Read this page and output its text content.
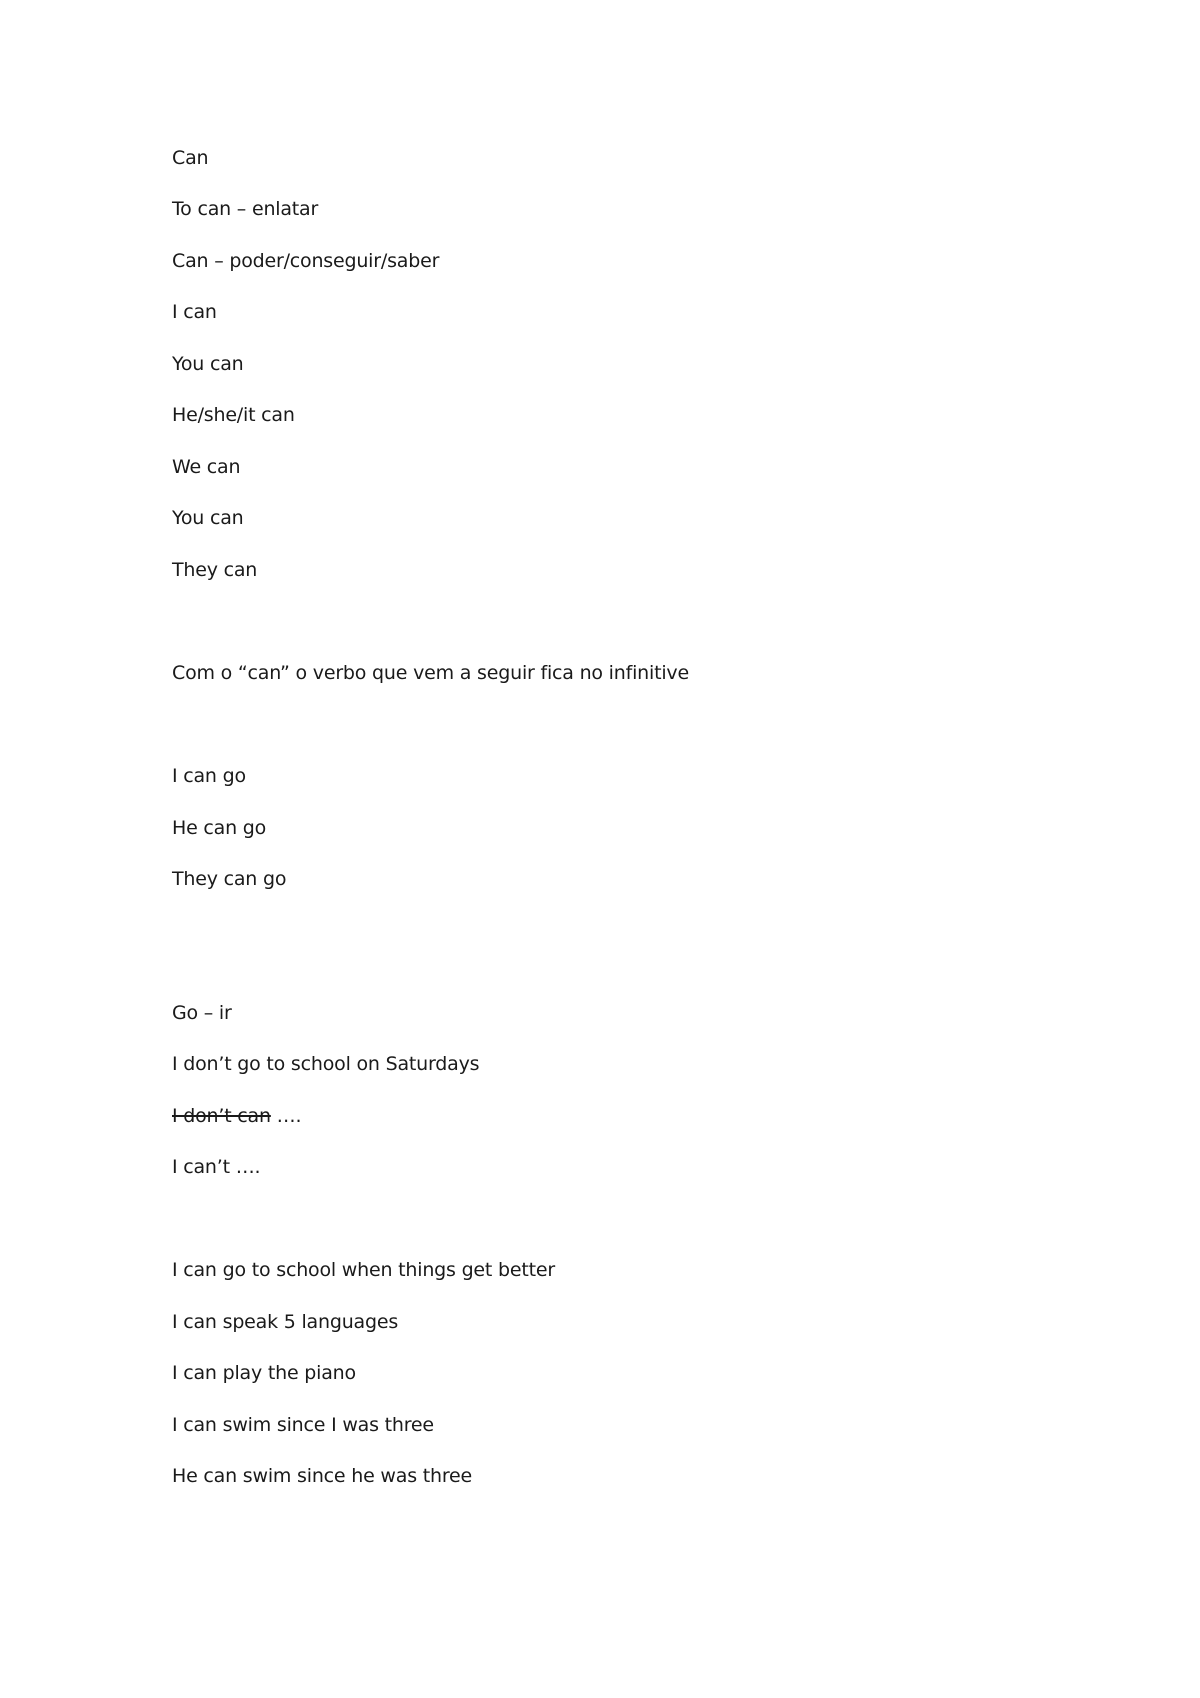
Can
To can – enlatar
Can – poder/conseguir/saber
I can
You can
He/she/it can
We can
You can
They can
Com o “can” o verbo que vem a seguir fica no infinitive
I can go
He can go
They can go
Go – ir
I don’t go to school on Saturdays
I don’t can ….
I can’t ….
I can go to school when things get better
I can speak 5 languages
I can play the piano
I can swim since I was three
He can swim since he was three
